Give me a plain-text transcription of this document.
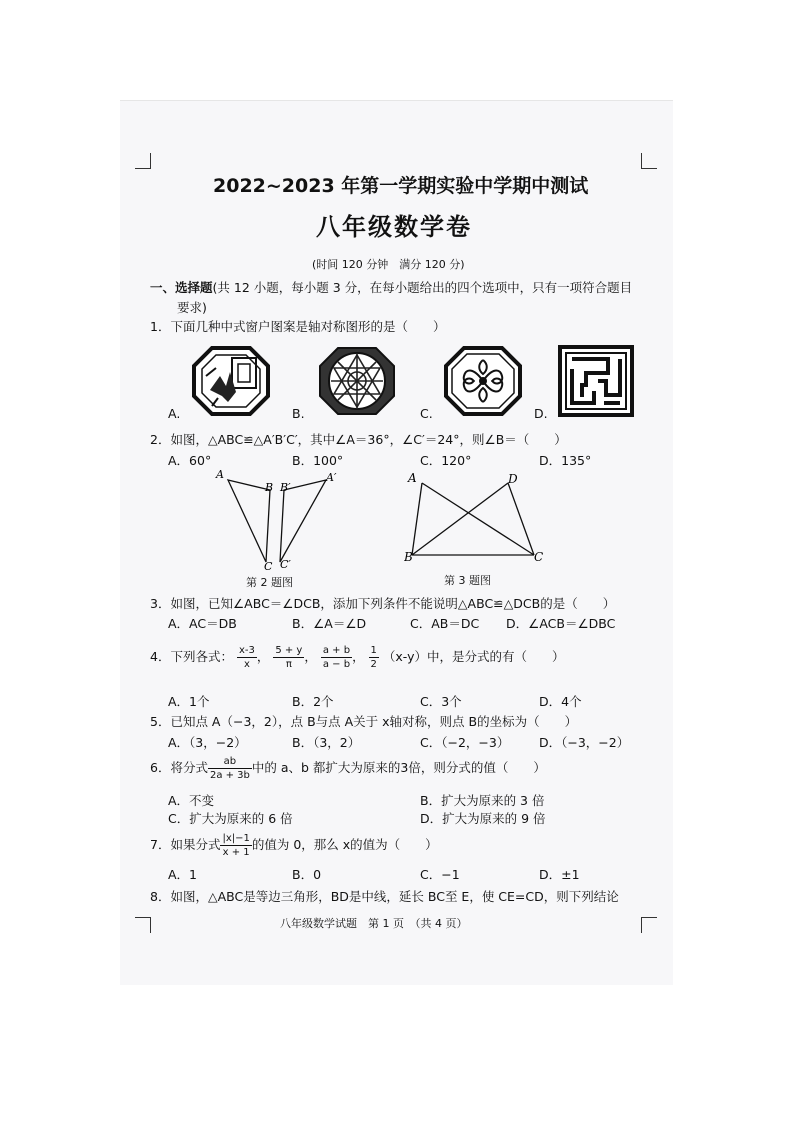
2022~2023 年第一学期实验中学期中测试
八年级数学卷
(时间 120 分钟　满分 120 分)
一、选择题(共 12 小题，每小题 3 分，在每小题给出的四个选项中，只有一项符合题目
要求)
1．下面几种中式窗户图案是轴对称图形的是（　　）
A.	B.	C.	D.
2．如图，△ABC≌△A′B′C′，其中∠A＝36°，∠C′＝24°，则∠B＝（　　）
A．60°	B．100°	C．120°	D．135°
A
B B′
A′
C C′
第 2 题图
A	D
B	C
第 3 题图
3．如图，已知∠ABC＝∠DCB，添加下列条件不能说明△ABC≌△DCB的是（　　）
A．AC＝DB	B．∠A＝∠D	C．AB＝DC D．∠ACB＝∠DBC
4．下列各式： $\frac{x-3}{x}$ ， $\frac{5 + y}{\pi}$ ， $\frac{a + b}{a - b}$ ， $\frac{1}{2} (x-y)$中，是分式的有（　　）
A．1个	B．2个	C．3个	D．4个
5．已知点 A（−3，2），点 B与点 A关于 x轴对称，则点 B的坐标为（　　）
A．（3，−2）	B．（3，2）	C．（−2，−3） D．（−3，−2）
6．将分式 $\frac{ab}{2a + 3b}$ 中的 a、b 都扩大为原来的3倍，则分式的值（　　）
A．不变	B．扩大为原来的 3 倍
C．扩大为原来的 6 倍	D．扩大为原来的 9 倍
7．如果分式 $\frac{|x|-1}{x + 1}$ 的值为 0，那么 x的值为（　　）
A．1	B．0	C．−1	D．±1
8．如图，△ABC是等边三角形，BD是中线，延长 BC至 E，使 CE=CD，则下列结论
八年级数学试题　第 1 页　（共 4 页）
